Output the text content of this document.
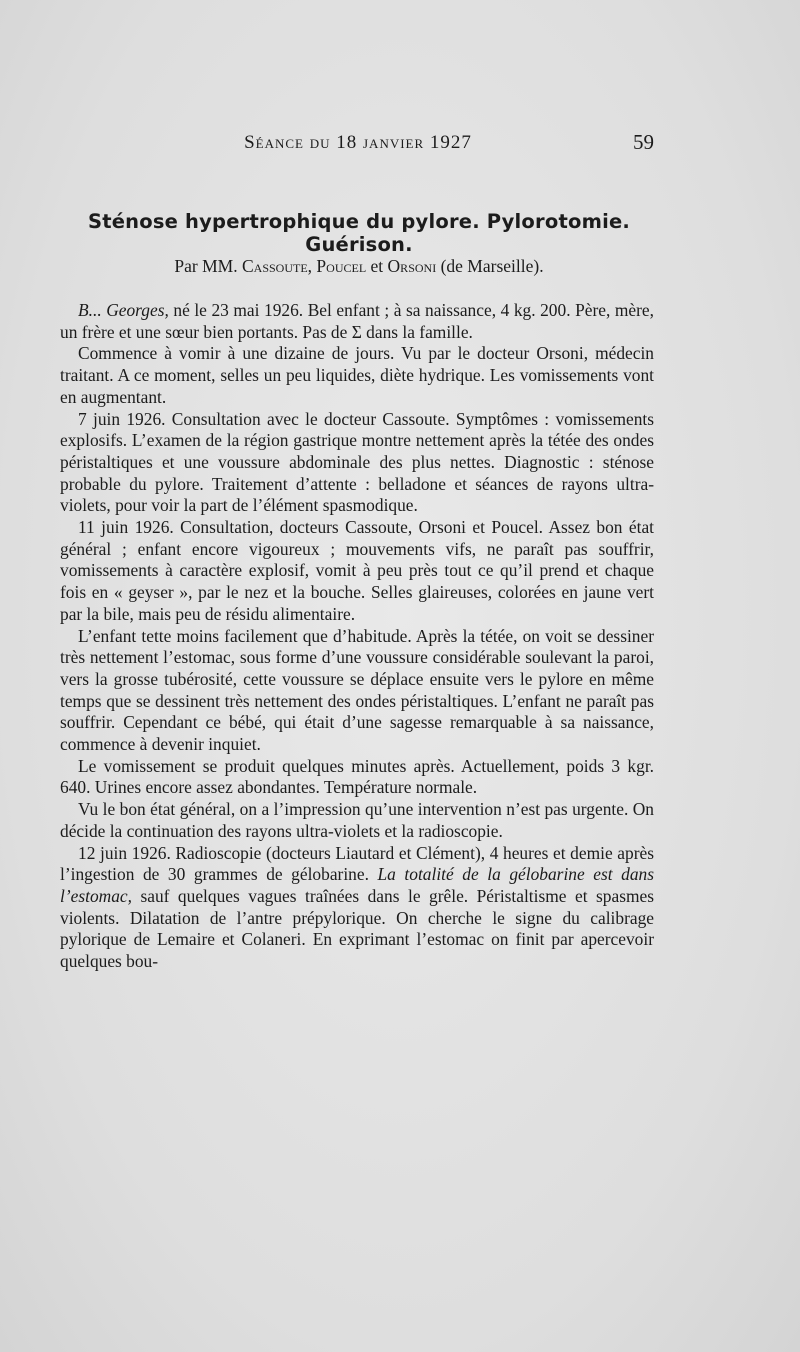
Séance du 18 janvier 1927	59
Sténose hypertrophique du pylore. Pylorotomie. Guérison.
Par MM. Cassoute, Poucel et Orsoni (de Marseille).

B... Georges, né le 23 mai 1926. Bel enfant ; à sa naissance, 4 kg. 200. Père, mère, un frère et une sœur bien portants. Pas de Σ dans la famille.

Commence à vomir à une dizaine de jours. Vu par le docteur Orsoni, médecin traitant. A ce moment, selles un peu liquides, diète hydrique. Les vomissements vont en augmentant.

7 juin 1926. Consultation avec le docteur Cassoute. Symptômes : vomissements explosifs. L’examen de la région gastrique montre nettement après la tétée des ondes péristaltiques et une voussure abdominale des plus nettes. Diagnostic : sténose probable du pylore. Traitement d’attente : belladone et séances de rayons ultra-violets, pour voir la part de l’élément spasmodique.

11 juin 1926. Consultation, docteurs Cassoute, Orsoni et Poucel. Assez bon état général ; enfant encore vigoureux ; mouvements vifs, ne paraît pas souffrir, vomissements à caractère explosif, vomit à peu près tout ce qu’il prend et chaque fois en « geyser », par le nez et la bouche. Selles glaireuses, colorées en jaune vert par la bile, mais peu de résidu alimentaire.

L’enfant tette moins facilement que d’habitude. Après la tétée, on voit se dessiner très nettement l’estomac, sous forme d’une voussure considérable soulevant la paroi, vers la grosse tubérosité, cette voussure se déplace ensuite vers le pylore en même temps que se dessinent très nettement des ondes péristaltiques. L’enfant ne paraît pas souffrir. Cependant ce bébé, qui était d’une sagesse remarquable à sa naissance, commence à devenir inquiet.

Le vomissement se produit quelques minutes après. Actuellement, poids 3 kgr. 640. Urines encore assez abondantes. Température normale.

Vu le bon état général, on a l’impression qu’une intervention n’est pas urgente. On décide la continuation des rayons ultra-violets et la radioscopie.

12 juin 1926. Radioscopie (docteurs Liautard et Clément), 4 heures et demie après l’ingestion de 30 grammes de gélobarine. La totalité de la gélobarine est dans l’estomac, sauf quelques vagues traînées dans le grêle. Péristaltisme et spasmes violents. Dilatation de l’antre prépylorique. On cherche le signe du calibrage pylorique de Lemaire et Colaneri. En exprimant l’estomac on finit par apercevoir quelques bou-
